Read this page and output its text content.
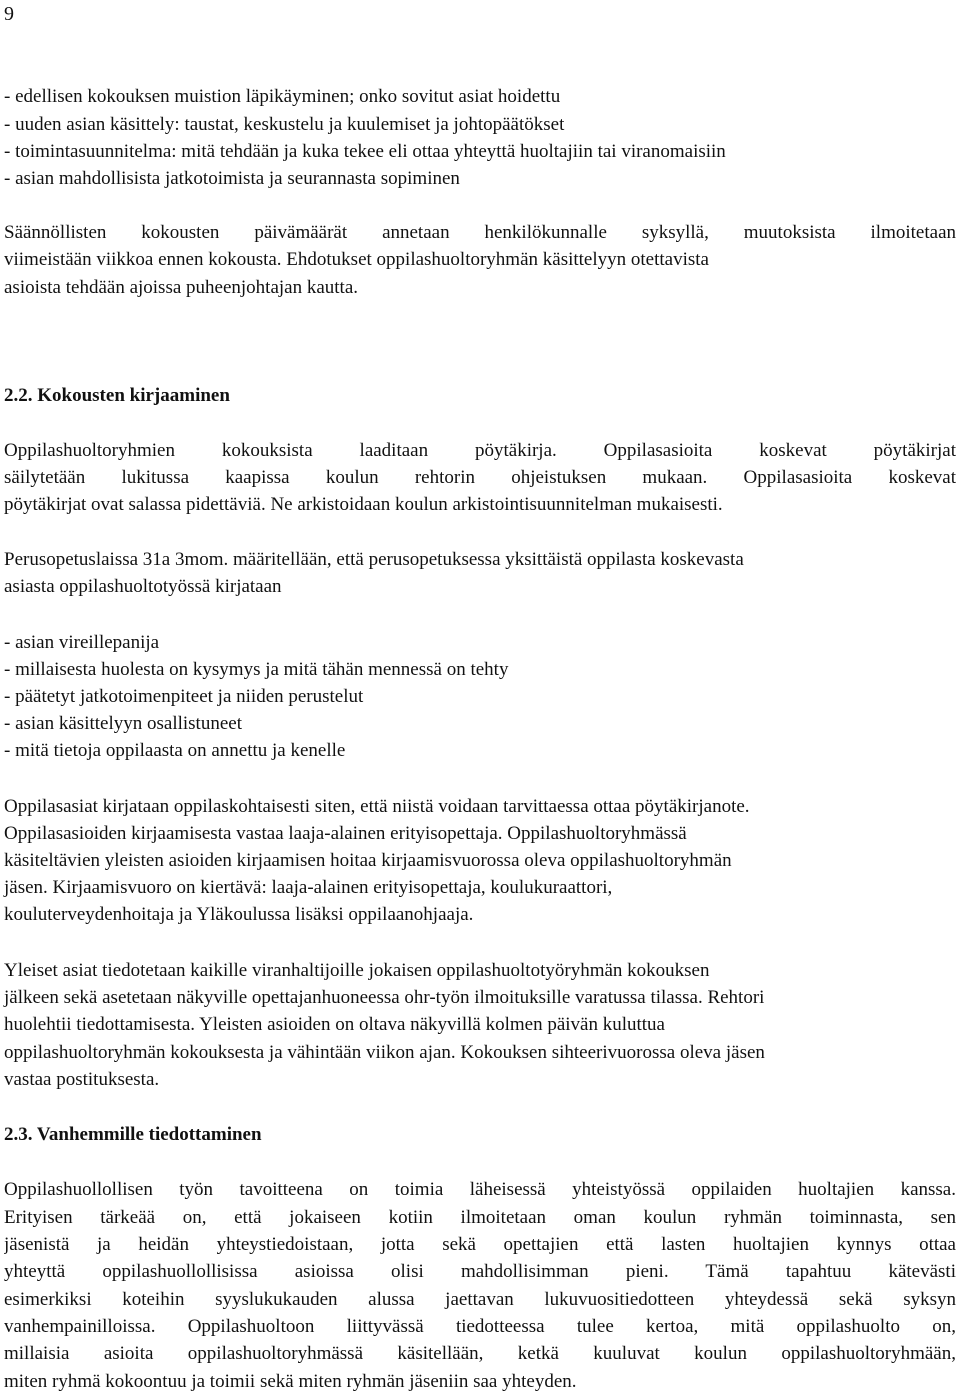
9
- edellisen kokouksen muistion läpikäyminen; onko sovitut asiat hoidettu
- uuden asian käsittely: taustat, keskustelu ja kuulemiset ja johtopäätökset
- toimintasuunnitelma: mitä tehdään ja kuka tekee eli ottaa yhteyttä huoltajiin tai viranomaisiin
- asian mahdollisista jatkotoimista ja seurannasta sopiminen
Säännöllisten kokousten päivämäärät annetaan henkilökunnalle syksyllä, muutoksista ilmoitetaan
viimeistään viikkoa ennen kokousta. Ehdotukset oppilashuoltoryhmän käsittelyyn otettavista
asioista tehdään ajoissa puheenjohtajan kautta.
2.2. Kokousten kirjaaminen
Oppilashuoltoryhmien kokouksista laaditaan pöytäkirja. Oppilasasioita koskevat pöytäkirjat
säilytetään lukitussa kaapissa koulun rehtorin ohjeistuksen mukaan. Oppilasasioita koskevat
pöytäkirjat ovat salassa pidettäviä. Ne arkistoidaan koulun arkistointisuunnitelman mukaisesti.
Perusopetuslaissa 31a 3mom. määritellään, että perusopetuksessa yksittäistä oppilasta koskevasta
asiasta oppilashuoltotyössä kirjataan
- asian vireillepanija
- millaisesta huolesta on kysymys ja mitä tähän mennessä on tehty
- päätetyt jatkotoimenpiteet ja niiden perustelut
- asian käsittelyyn osallistuneet
- mitä tietoja oppilaasta on annettu ja kenelle
Oppilasasiat kirjataan oppilaskohtaisesti siten, että niistä voidaan tarvittaessa ottaa pöytäkirjanote.
Oppilasasioiden kirjaamisesta vastaa laaja-alainen erityisopettaja. Oppilashuoltoryhmässä
käsiteltävien yleisten asioiden kirjaamisen hoitaa kirjaamisvuorossa oleva oppilashuoltoryhmän
jäsen. Kirjaamisvuoro on kiertävä: laaja-alainen erityisopettaja, koulukuraattori,
kouluterveydenhoitaja ja Yläkoulussa lisäksi oppilaanohjaaja.
Yleiset asiat tiedotetaan kaikille viranhaltijoille jokaisen oppilashuoltotyöryhmän kokouksen
jälkeen sekä asetetaan näkyville opettajanhuoneessa ohr-työn ilmoituksille varatussa tilassa. Rehtori
huolehtii tiedottamisesta. Yleisten asioiden on oltava näkyvillä kolmen päivän kuluttua
oppilashuoltoryhmän kokouksesta ja vähintään viikon ajan. Kokouksen sihteerivuorossa oleva jäsen
vastaa postituksesta.
2.3. Vanhemmille tiedottaminen
Oppilashuollollisen työn tavoitteena on toimia läheisessä yhteistyössä oppilaiden huoltajien kanssa.
Erityisen tärkeää on, että jokaiseen kotiin ilmoitetaan oman koulun ryhmän toiminnasta, sen
jäsenistä ja heidän yhteystiedoistaan, jotta sekä opettajien että lasten huoltajien kynnys ottaa
yhteyttä oppilashuollollisissa asioissa olisi mahdollisimman pieni. Tämä tapahtuu kätevästi
esimerkiksi koteihin syyslukukauden alussa jaettavan lukuvuositiedotteen yhteydessä sekä syksyn
vanhempainilloissa. Oppilashuoltoon liittyvässä tiedotteessa tulee kertoa, mitä oppilashuolto on,
millaisia asioita oppilashuoltoryhmässä käsitellään, ketkä kuuluvat koulun oppilashuoltoryhmään,
miten ryhmä kokoontuu ja toimii sekä miten ryhmän jäseniin saa yhteyden.
